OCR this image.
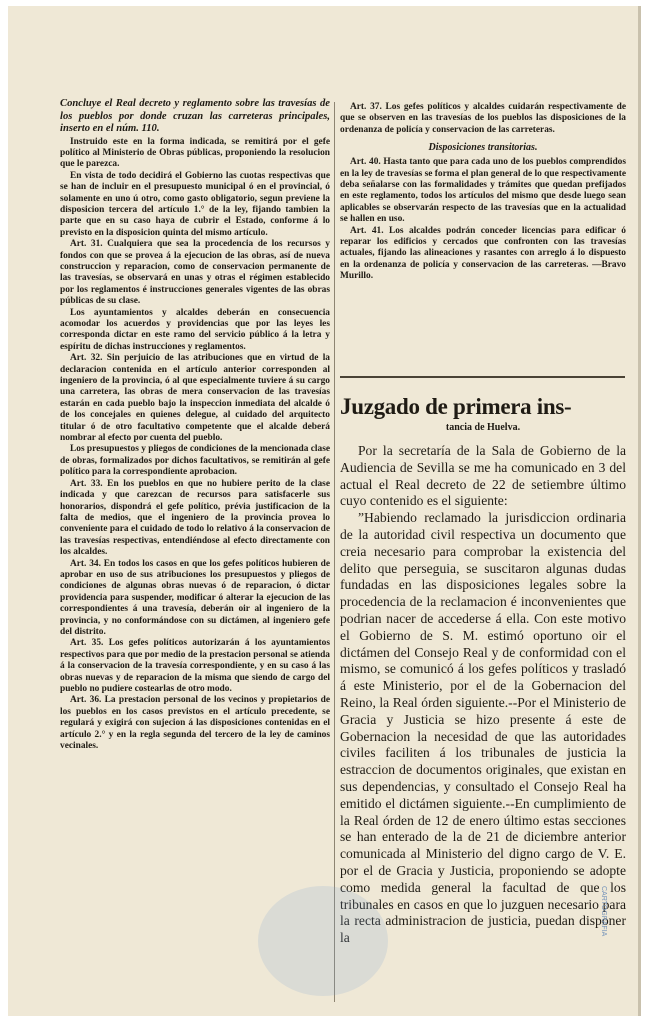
Concluye el Real decreto y reglamento sobre las travesías de los pueblos por donde cruzan las carreteras principales, inserto en el núm. 110.

Instruido este en la forma indicada, se remitirá por el gefe político al Ministerio de Obras públicas, proponiendo la resolucion que le parezca.

En vista de todo decidirá el Gobierno las cuotas respectivas que se han de incluir en el presupuesto municipal ó en el provincial, ó solamente en uno ú otro, como gasto obligatorio, segun previene la disposicion tercera del artículo 1.° de la ley, fijando tambien la parte que en su caso haya de cubrir el Estado, conforme á lo previsto en la disposicion quinta del mismo artículo.

Art. 31. Cualquiera que sea la procedencia de los recursos y fondos con que se provea á la ejecucion de las obras, así de nueva construccion y reparacion, como de conservacion permanente de las travesías, se observará en unas y otras el régimen establecido por los reglamentos é instrucciones generales vigentes de las obras públicas de su clase.

Los ayuntamientos y alcaldes deberán en consecuencia acomodar los acuerdos y providencias que por las leyes les corresponda dictar en este ramo del servicio público á la letra y espíritu de dichas instrucciones y reglamentos.

Art. 32. Sin perjuicio de las atribuciones que en virtud de la declaracion contenida en el artículo anterior corresponden al ingeniero de la provincia, ó al que especialmente tuviere á su cargo una carretera, las obras de mera conservacion de las travesías estarán en cada pueblo bajo la inspeccion inmediata del alcalde ó de los concejales en quienes delegue, al cuidado del arquitecto titular ó de otro facultativo competente que el alcalde deberá nombrar al efecto por cuenta del pueblo.

Los presupuestos y pliegos de condiciones de la mencionada clase de obras, formalizados por dichos facultativos, se remitirán al gefe político para la correspondiente aprobacion.

Art. 33. En los pueblos en que no hubiere perito de la clase indicada y que carezcan de recursos para satisfacerle sus honorarios, dispondrá el gefe político, prévia justificacion de la falta de medios, que el ingeniero de la provincia provea lo conveniente para el cuidado de todo lo relativo á la conservacion de las travesías respectivas, entendiéndose al efecto directamente con los alcaldes.

Art. 34. En todos los casos en que los gefes políticos hubieren de aprobar en uso de sus atribuciones los presupuestos y pliegos de condiciones de algunas obras nuevas ó de reparacion, ó dictar providencia para suspender, modificar ó alterar la ejecucion de las correspondientes á una travesía, deberán oir al ingeniero de la provincia, y no conformándose con su dictámen, al ingeniero gefe del distrito.

Art. 35. Los gefes políticos autorizarán á los ayuntamientos respectivos para que por medio de la prestacion personal se atienda á la conservacion de la travesía correspondiente, y en su caso á las obras nuevas y de reparacion de la misma que siendo de cargo del pueblo no pudiere costearlas de otro modo.

Art. 36. La prestacion personal de los vecinos y propietarios de los pueblos en los casos previstos en el artículo precedente, se regulará y exigirá con sujecion á las disposiciones contenidas en el artículo 2.° y en la regla segunda del tercero de la ley de caminos vecinales.

Art. 37. Los gefes políticos y alcaldes cuidarán respectivamente de que se observen en las travesías de los pueblos las disposiciones de la ordenanza de policía y conservacion de las carreteras.

Disposiciones transitorias.

Art. 40. Hasta tanto que para cada uno de los pueblos comprendidos en la ley de travesías se forma el plan general de lo que respectivamente deba señalarse con las formalidades y trámites que quedan prefijados en este reglamento, todos los artículos del mismo que desde luego sean aplicables se observarán respecto de las travesías que en la actualidad se hallen en uso.

Art. 41. Los alcaldes podrán conceder licencias para edificar ó reparar los edificios y cercados que confronten con las travesías actuales, fijando las alineaciones y rasantes con arreglo á lo dispuesto en la ordenanza de policía y conservacion de las carreteras. —Bravo Murillo.

Juzgado de primera ins-
tancia de Huelva.

Por la secretaría de la Sala de Gobierno de la Audiencia de Sevilla se me ha comunicado en 3 del actual el Real decreto de 22 de setiembre último cuyo contenido es el siguiente:

”Habiendo reclamado la jurisdiccion ordinaria de la autoridad civil respectiva un documento que creia necesario para comprobar la existencia del delito que perseguia, se suscitaron algunas dudas fundadas en las disposiciones legales sobre la procedencia de la reclamacion é inconvenientes que podrian nacer de accederse á ella. Con este motivo el Gobierno de S. M. estimó oportuno oir el dictámen del Consejo Real y de conformidad con el mismo, se comunicó á los gefes políticos y trasladó á este Ministerio, por el de la Gobernacion del Reino, la Real órden siguiente.--Por el Ministerio de Gracia y Justicia se hizo presente á este de Gobernacion la necesidad de que las autoridades civiles faciliten á los tribunales de justicia la estraccion de documentos originales, que existan en sus dependencias, y consultado el Consejo Real ha emitido el dictámen siguiente.--En cumplimiento de la Real órden de 12 de enero último estas secciones se han enterado de la de 21 de diciembre anterior comunicada al Ministerio del digno cargo de V. E. por el de Gracia y Justicia, proponiendo se adopte como medida general la facultad de que los tribunales en casos en que lo juzguen necesario para la recta administracion de justicia, puedan disponer la

CARTOGRAFIA
